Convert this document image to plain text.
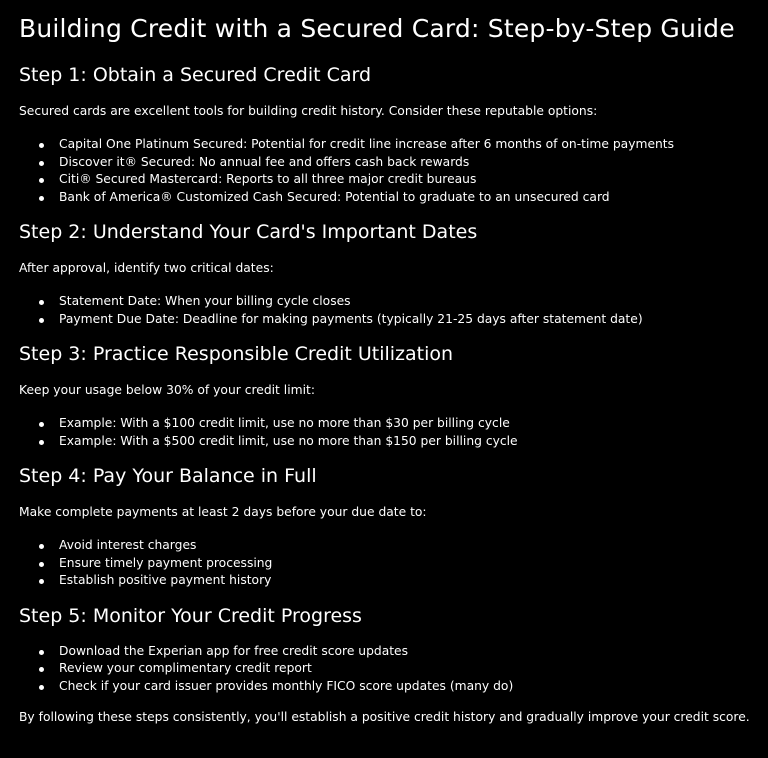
Building Credit with a Secured Card: Step-by-Step Guide
Step 1: Obtain a Secured Credit Card

Secured cards are excellent tools for building credit history. Consider these reputable options:

Capital One Platinum Secured: Potential for credit line increase after 6 months of on-time payments
Discover it® Secured: No annual fee and offers cash back rewards
Citi® Secured Mastercard: Reports to all three major credit bureaus
Bank of America® Customized Cash Secured: Potential to graduate to an unsecured card
Step 2: Understand Your Card's Important Dates

After approval, identify two critical dates:

Statement Date: When your billing cycle closes
Payment Due Date: Deadline for making payments (typically 21-25 days after statement date)
Step 3: Practice Responsible Credit Utilization

Keep your usage below 30% of your credit limit:

Example: With a $100 credit limit, use no more than $30 per billing cycle
Example: With a $500 credit limit, use no more than $150 per billing cycle
Step 4: Pay Your Balance in Full

Make complete payments at least 2 days before your due date to:

Avoid interest charges
Ensure timely payment processing
Establish positive payment history
Step 5: Monitor Your Credit Progress
Download the Experian app for free credit score updates
Review your complimentary credit report
Check if your card issuer provides monthly FICO score updates (many do)

By following these steps consistently, you'll establish a positive credit history and gradually improve your credit score.
